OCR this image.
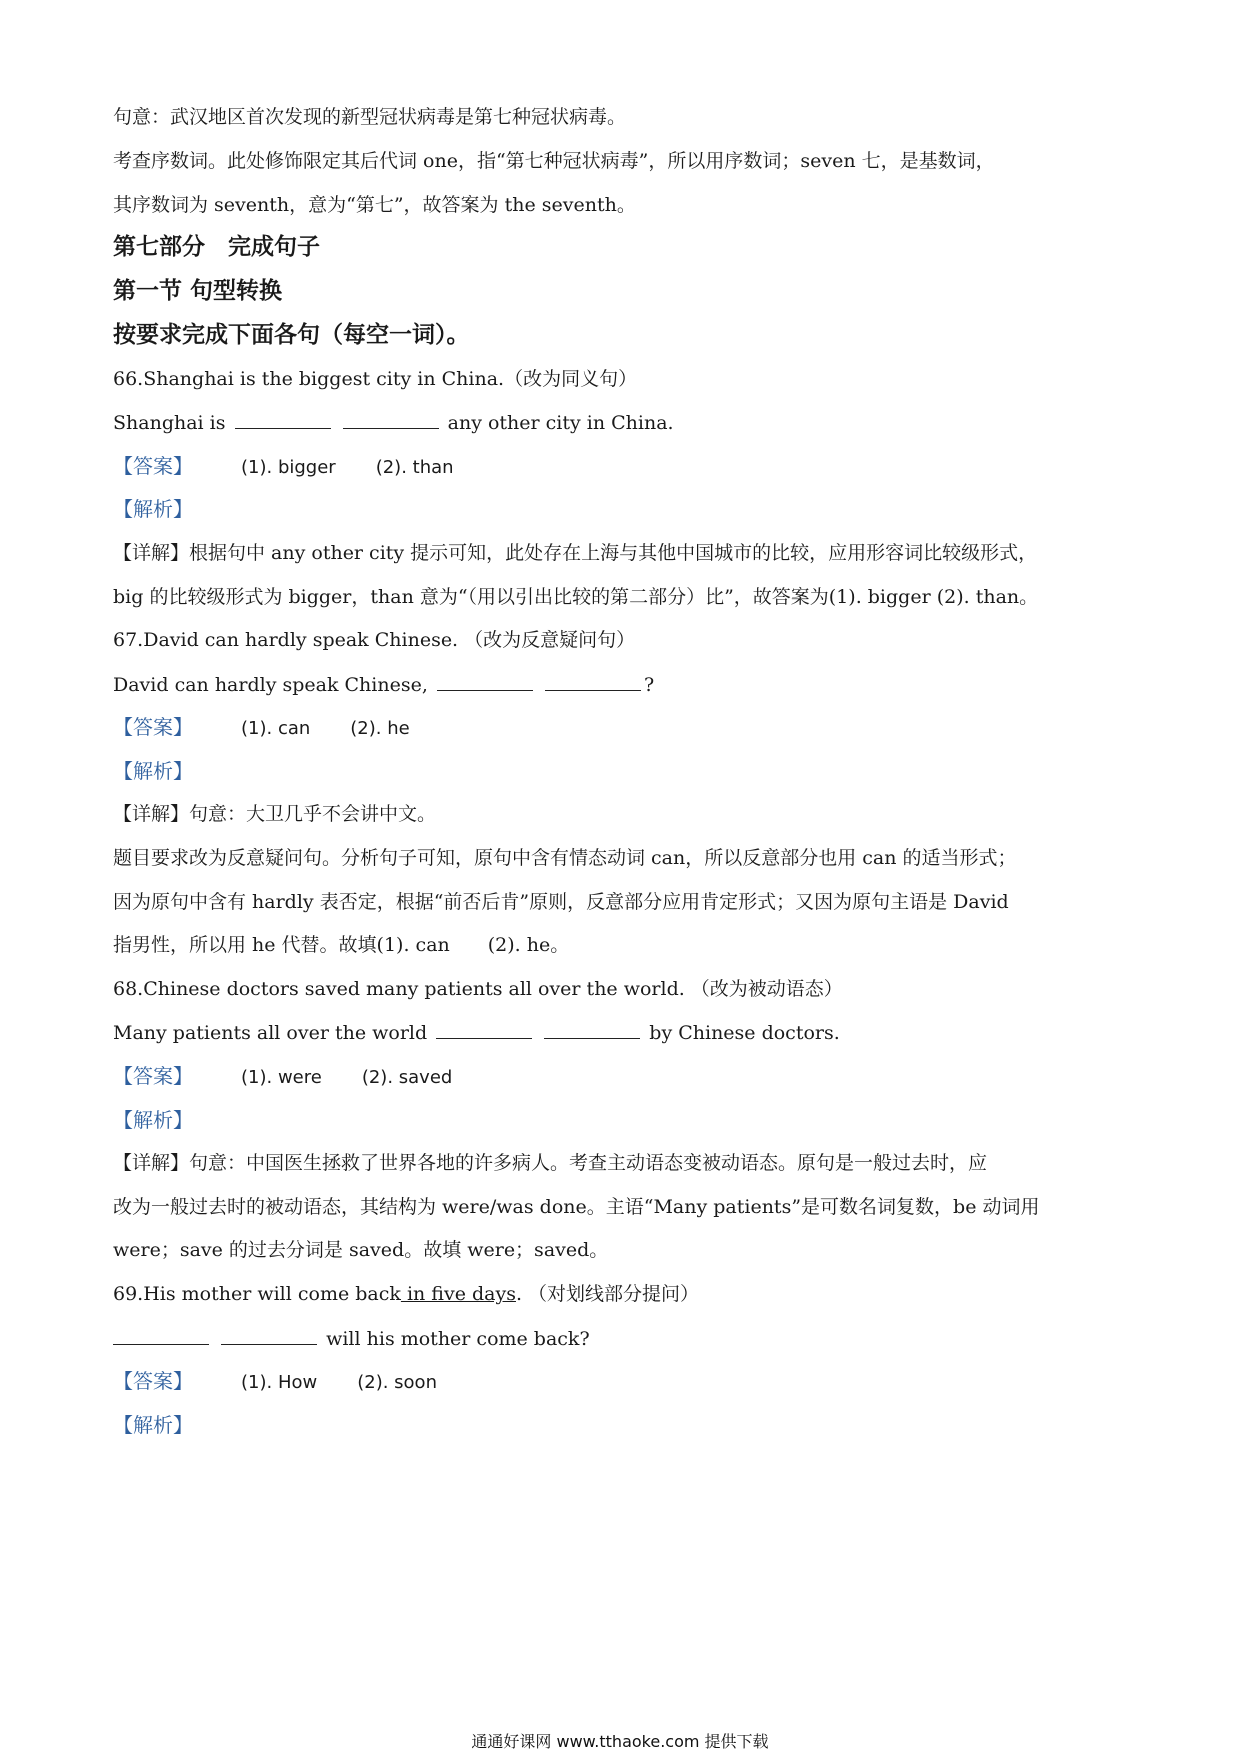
句意：武汉地区首次发现的新型冠状病毒是第七种冠状病毒。

考查序数词。此处修饰限定其后代词 one，指“第七种冠状病毒”，所以用序数词；seven 七，是基数词，

其序数词为 seventh，意为“第七”，故答案为 the seventh。

第七部分　完成句子

第一节 句型转换

按要求完成下面各句（每空一词）。

66.Shanghai is the biggest city in China.（改为同义句）

Shanghai is	any other city in China.

【答案】	(1). bigger (2). than

【解析】

【详解】根据句中 any other city 提示可知，此处存在上海与其他中国城市的比较，应用形容词比较级形式，

big 的比较级形式为 bigger，than 意为“（用以引出比较的第二部分）比”，故答案为(1). bigger (2). than。

67.David can hardly speak Chinese. （改为反意疑问句）

David can hardly speak Chinese,	?

【答案】	(1). can (2). he

【解析】

【详解】句意：大卫几乎不会讲中文。

题目要求改为反意疑问句。分析句子可知，原句中含有情态动词 can，所以反意部分也用 can 的适当形式；

因为原句中含有 hardly 表否定，根据“前否后肯”原则，反意部分应用肯定形式；又因为原句主语是 David

指男性，所以用 he 代替。故填(1). can　　(2). he。

68.Chinese doctors saved many patients all over the world. （改为被动语态）

Many patients all over the world	by Chinese doctors.

【答案】	(1). were (2). saved

【解析】

【详解】句意：中国医生拯救了世界各地的许多病人。考查主动语态变被动语态。原句是一般过去时，应

改为一般过去时的被动语态，其结构为 were/was done。主语“Many patients”是可数名词复数，be 动词用

were；save 的过去分词是 saved。故填 were；saved。

69.His mother will come back in five days. （对划线部分提问）

will his mother come back?

【答案】	(1). How (2). soon

【解析】

通通好课网 www.tthaoke.com 提供下载
